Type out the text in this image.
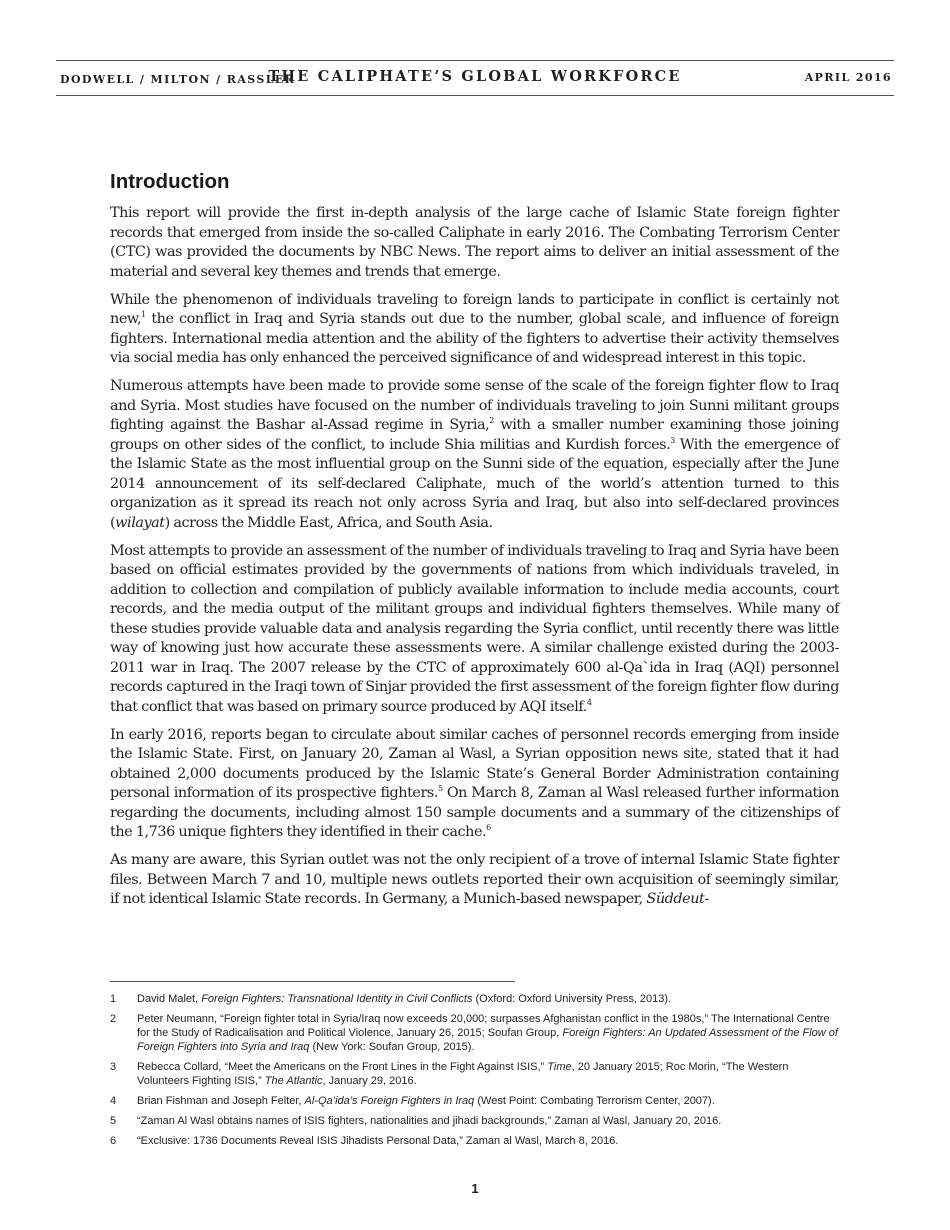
DODWELL / MILTON / RASSLER
THE CALIPHATE’S GLOBAL WORKFORCE	APRIL 2016
Introduction

This report will provide the first in-depth analysis of the large cache of Islamic State foreign fighter records that emerged from inside the so-called Caliphate in early 2016. The Combating Terrorism Center (CTC) was provided the documents by NBC News. The report aims to deliver an initial assessment of the material and several key themes and trends that emerge.

While the phenomenon of individuals traveling to foreign lands to participate in conflict is certainly not new,$^1$ the conflict in Iraq and Syria stands out due to the number, global scale, and influence of foreign fighters. International media attention and the ability of the fighters to advertise their activity themselves via social media has only enhanced the perceived significance of and widespread interest in this topic.

Numerous attempts have been made to provide some sense of the scale of the foreign fighter flow to Iraq and Syria. Most studies have focused on the number of individuals traveling to join Sunni militant groups fighting against the Bashar al-Assad regime in Syria,$^2$ with a smaller number examining those joining groups on other sides of the conflict, to include Shia militias and Kurdish forces.$^3$ With the emergence of the Islamic State as the most influential group on the Sunni side of the equation, especially after the June 2014 announcement of its self-declared Caliphate, much of the world’s attention turned to this organization as it spread its reach not only across Syria and Iraq, but also into self-declared provinces (wilayat) across the Middle East, Africa, and South Asia.

Most attempts to provide an assessment of the number of individuals traveling to Iraq and Syria have been based on official estimates provided by the governments of nations from which individuals traveled, in addition to collection and compilation of publicly available information to include media accounts, court records, and the media output of the militant groups and individual fighters themselves. While many of these studies provide valuable data and analysis regarding the Syria conflict, until recently there was little way of knowing just how accurate these assessments were. A similar challenge existed during the 2003-2011 war in Iraq. The 2007 release by the CTC of approximately 600 al-Qa`ida in Iraq (AQI) personnel records captured in the Iraqi town of Sinjar provided the first assessment of the foreign fighter flow during that conflict that was based on primary source produced by AQI itself.$^4$

In early 2016, reports began to circulate about similar caches of personnel records emerging from inside the Islamic State. First, on January 20, Zaman al Wasl, a Syrian opposition news site, stated that it had obtained 2,000 documents produced by the Islamic State’s General Border Administration containing personal information of its prospective fighters.$^5$ On March 8, Zaman al Wasl released further information regarding the documents, including almost 150 sample documents and a summary of the citizenships of the 1,736 unique fighters they identified in their cache.$^6$

As many are aware, this Syrian outlet was not the only recipient of a trove of internal Islamic State fighter files. Between March 7 and 10, multiple news outlets reported their own acquisition of seemingly similar, if not identical Islamic State records. In Germany, a Munich-based newspaper, Süddeut-

1	David Malet, Foreign Fighters: Transnational Identity in Civil Conflicts (Oxford: Oxford University Press, 2013).
2	Peter Neumann, “Foreign fighter total in Syria/Iraq now exceeds 20,000; surpasses Afghanistan conflict in the 1980s,” The International Centre for the Study of Radicalisation and Political Violence, January 26, 2015; Soufan Group, Foreign Fighters: An Updated Assessment of the Flow of Foreign Fighters into Syria and Iraq (New York: Soufan Group, 2015).
3	Rebecca Collard, “Meet the Americans on the Front Lines in the Fight Against ISIS,” Time, 20 January 2015; Roc Morin, “The Western Volunteers Fighting ISIS,” The Atlantic, January 29, 2016.
4	Brian Fishman and Joseph Felter, Al-Qa’ida’s Foreign Fighters in Iraq (West Point: Combating Terrorism Center, 2007).
5	“Zaman Al Wasl obtains names of ISIS fighters, nationalities and jihadi backgrounds,” Zaman al Wasl, January 20, 2016.
6	“Exclusive: 1736 Documents Reveal ISIS Jihadists Personal Data,” Zaman al Wasl, March 8, 2016.
1
